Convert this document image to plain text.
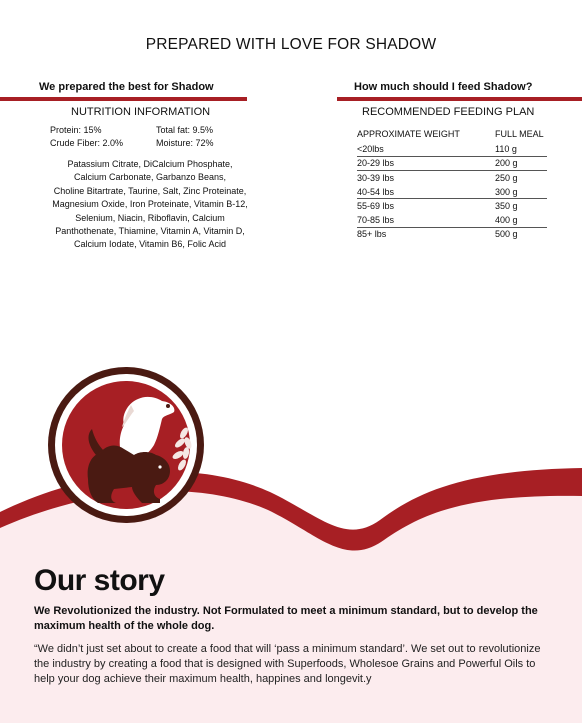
PREPARED WITH LOVE FOR SHADOW
We prepared the best for Shadow
NUTRITION INFORMATION
Protein: 15%	Total fat: 9.5%
Crude Fiber: 2.0%	Moisture: 72%
Patassium Citrate, DiCalcium Phosphate,
Calcium Carbonate, Garbanzo Beans,
Choline Bitartrate, Taurine, Salt, Zinc Proteinate,
Magnesium Oxide, Iron Proteinate, Vitamin B-12,
Selenium, Niacin, Riboflavin, Calcium
Panthothenate, Thiamine, Vitamin A, Vitamin D,
Calcium Iodate, Vitamin B6, Folic Acid
How much should I feed Shadow?
RECOMMENDED FEEDING PLAN
APPROXIMATE WEIGHT	FULL MEAL
<20lbs	110 g
20-29 lbs	200 g
30-39 lbs	250 g
40-54 lbs	300 g
55-69 lbs	350 g
70-85 lbs	400 g
85+ lbs	500 g
Our story
We Revolutionized the industry. Not Formulated to meet a minimum standard, but to develop the maximum health of the whole dog.
“We didn’t just set about to create a food that will ‘pass a minimum standard’. We set out to revolutionize the industry by creating a food that is designed with Superfoods, Wholesoe Grains and Powerful Oils to help your dog achieve their maximum health, happines and longevit.y
